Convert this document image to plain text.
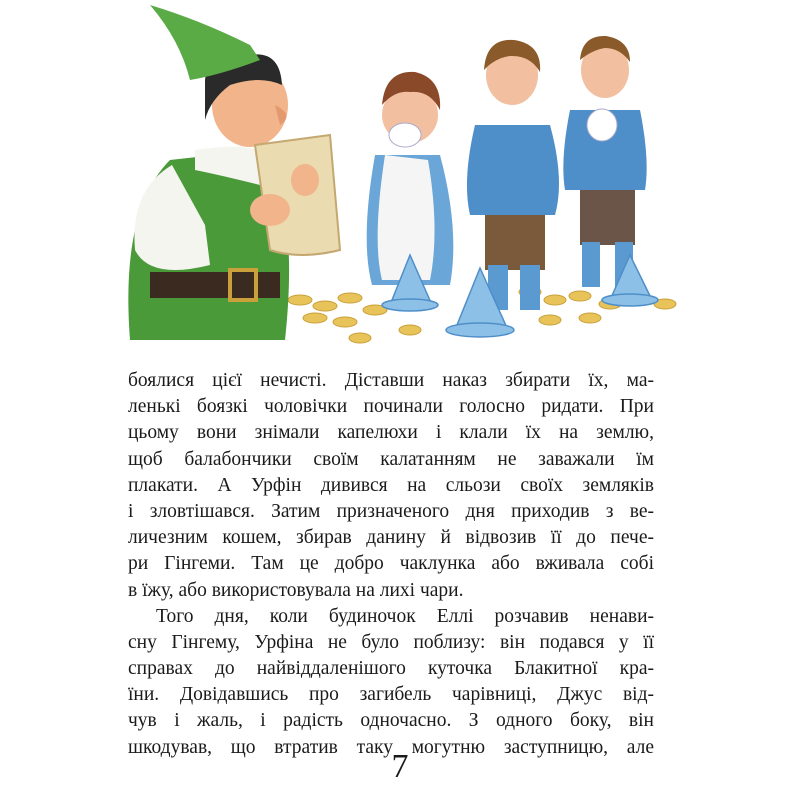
боялися цієї нечисті. Діставши наказ збирати їх, ма-
ленькі боязкі чоловічки починали голосно ридати. При
цьому вони знімали капелюхи і клали їх на землю,
щоб балабончики своїм калатанням не заважали їм
плакати. А Урфін дивився на сльози своїх земляків
і зловтішався. Затим призначеного дня приходив з ве-
личезним кошем, збирав данину й відвозив її до пече-
ри Гінгеми. Там це добро чаклунка або вживала собі
в їжу, або використовувала на лихі чари.
Того дня, коли будиночок Еллі розчавив ненави-
сну Гінгему, Урфіна не було поблизу: він подався у її
справах до найвіддаленішого куточка Блакитної кра-
їни. Довідавшись про загибель чарівниці, Джус від-
чув і жаль, і радість одночасно. З одного боку, він
шкодував, що втратив таку могутню заступницю, але
7
